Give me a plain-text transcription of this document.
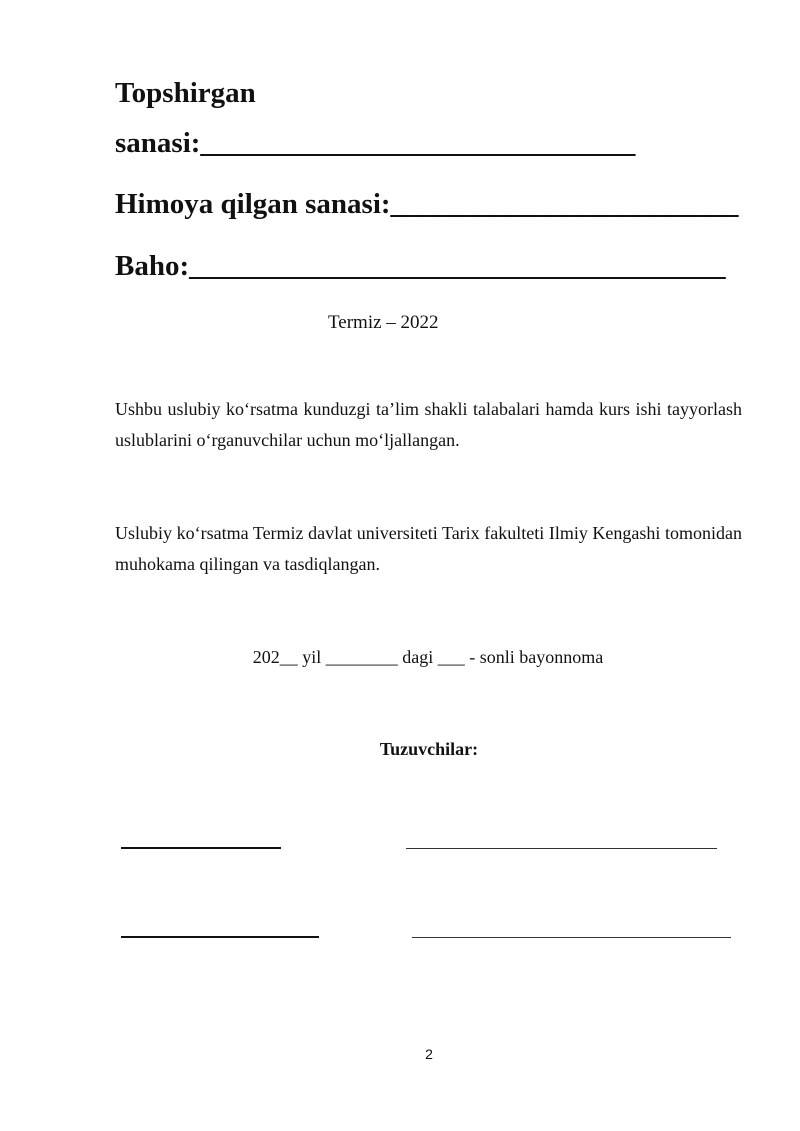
Topshirgan
sanasi:______________________________
Himoya qilgan sanasi:________________________
Baho:_____________________________________
Termiz – 2022

Ushbu uslubiy ko‘rsatma kunduzgi ta’lim shakli talabalari hamda kurs ishi tayyorlash uslublarini o‘rganuvchilar uchun mo‘ljallangan.

Uslubiy ko‘rsatma Termiz davlat universiteti Tarix fakulteti Ilmiy Kengashi tomonidan muhokama qilingan va tasdiqlangan.

202__ yil ________ dagi ___ - sonli bayonnoma
Tuzuvchilar:
2
